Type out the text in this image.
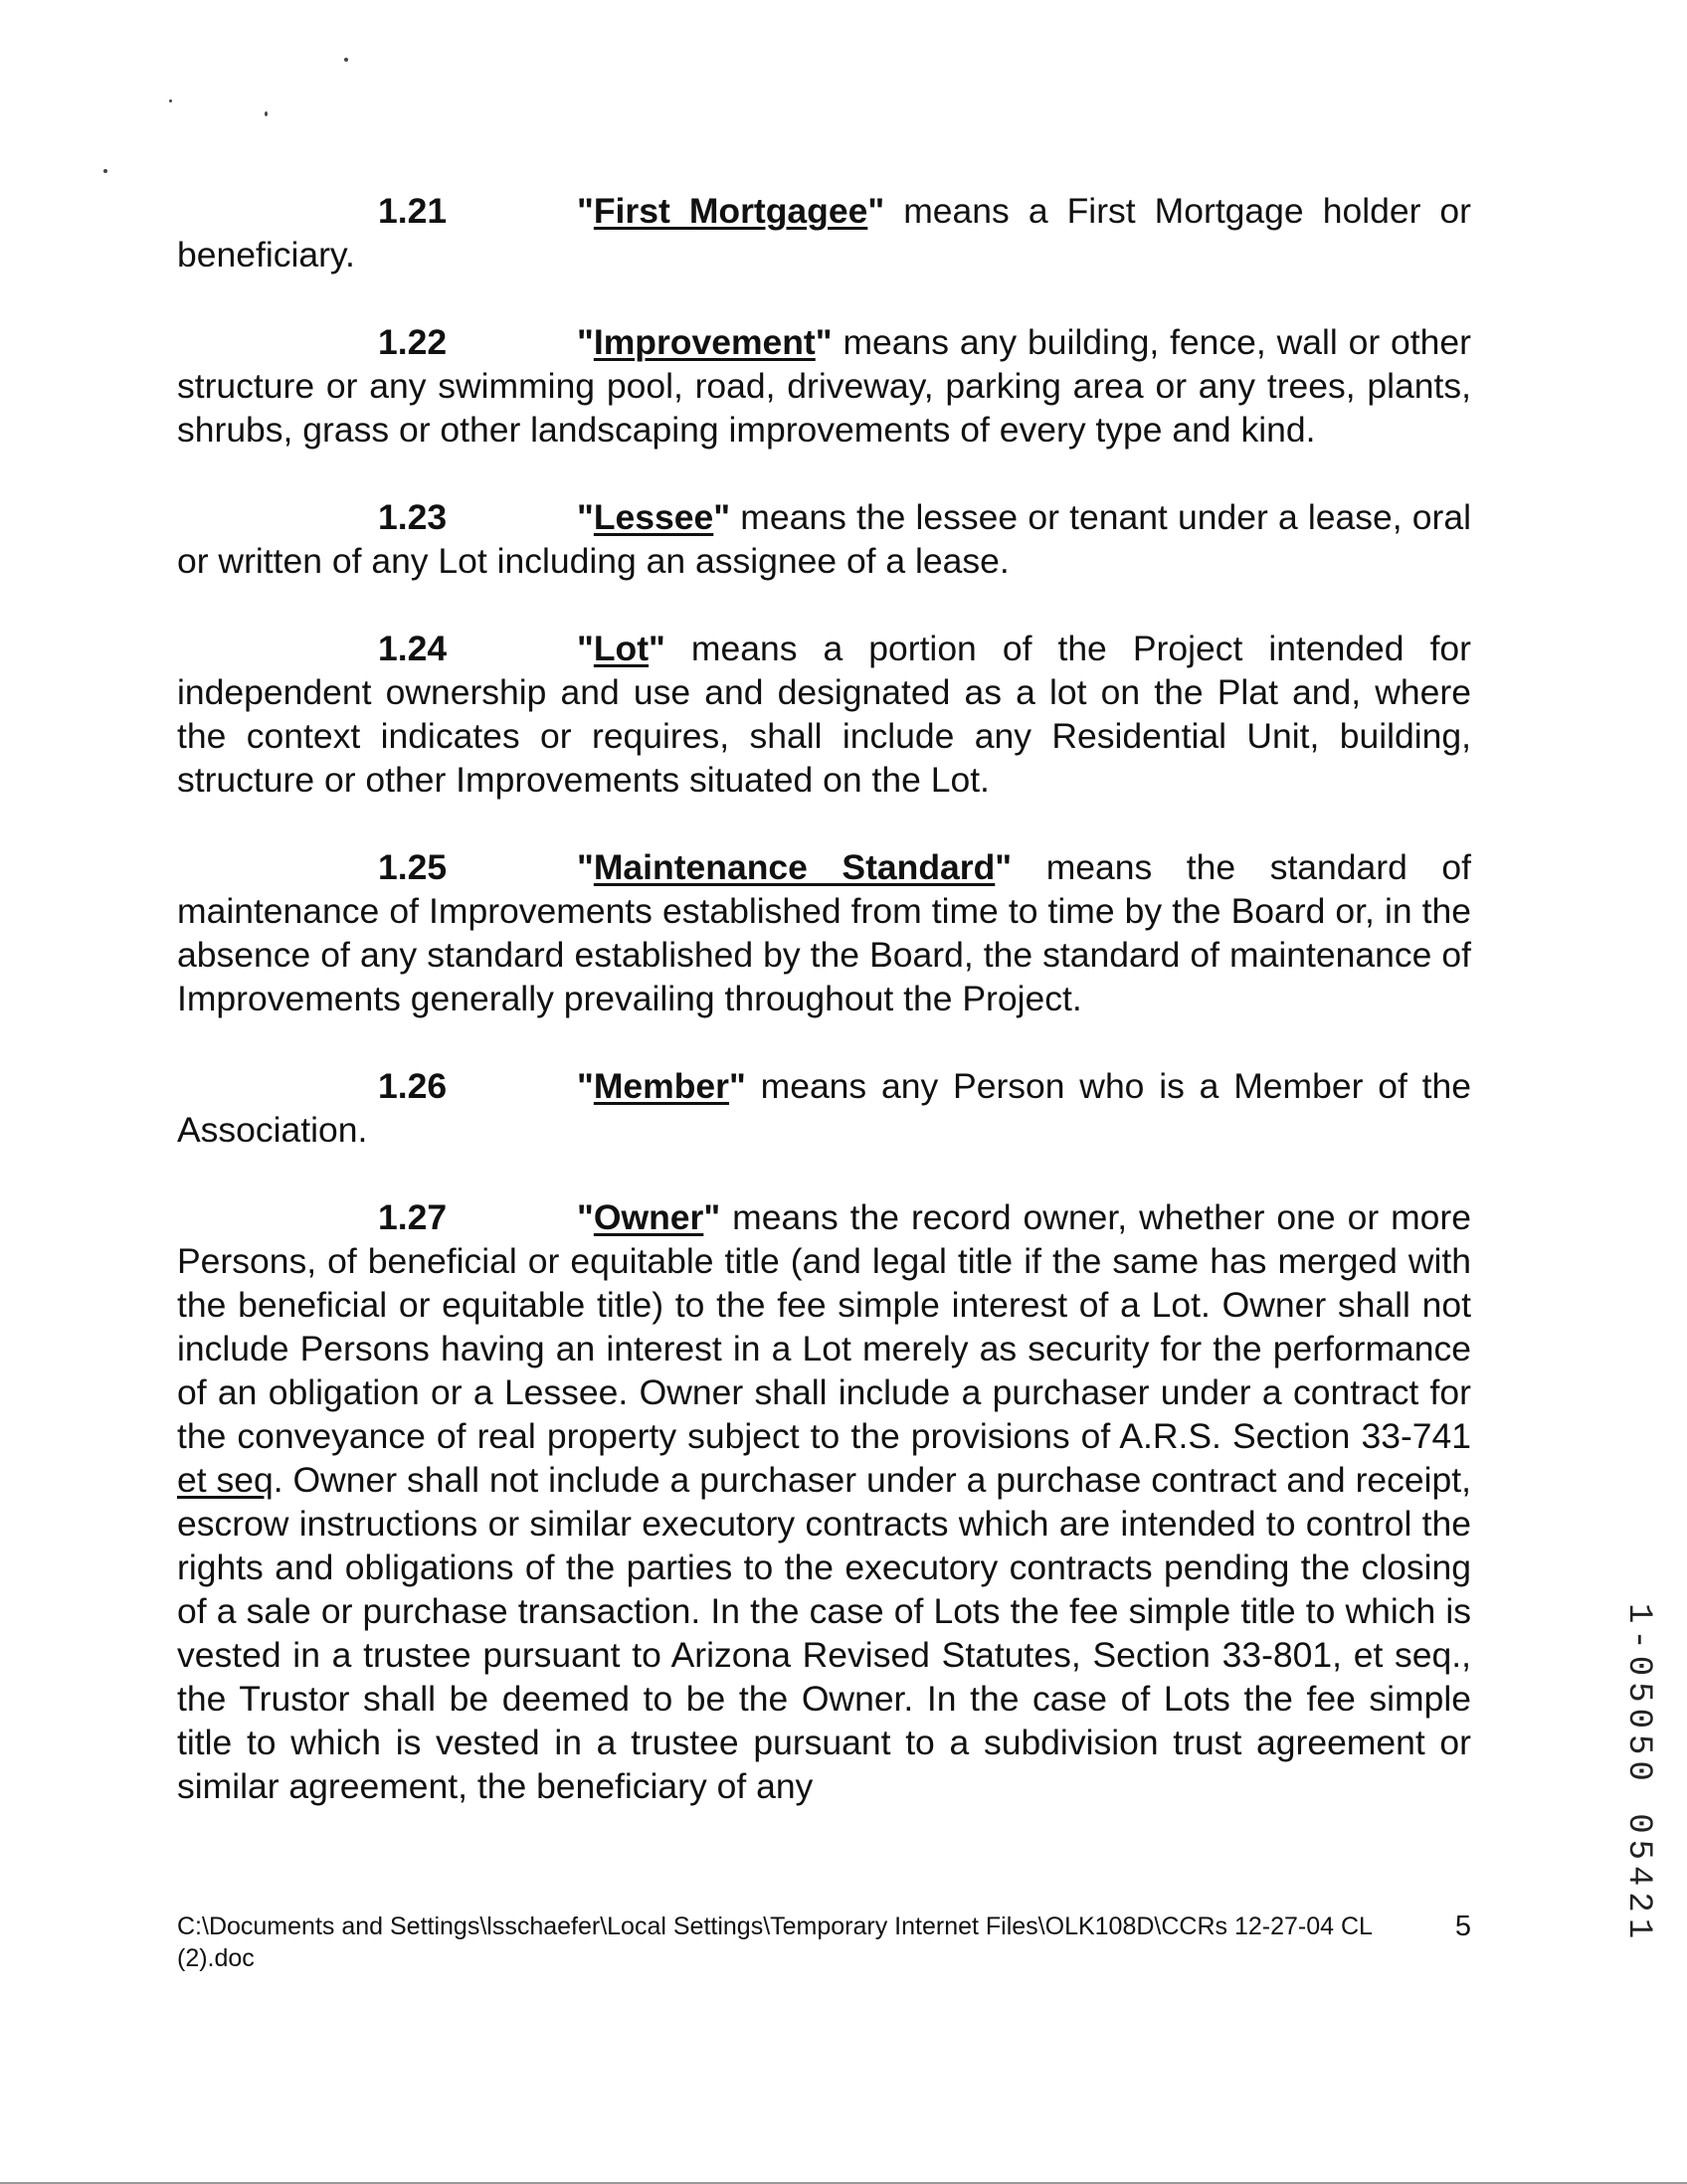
1.21	"First Mortgagee" means a First Mortgage holder or beneficiary.

1.22	"Improvement" means any building, fence, wall or other structure or any swimming pool, road, driveway, parking area or any trees, plants, shrubs, grass or other landscaping improvements of every type and kind.

1.23	"Lessee" means the lessee or tenant under a lease, oral or written of any Lot including an assignee of a lease.

1.24	"Lot" means a portion of the Project intended for independent ownership and use and designated as a lot on the Plat and, where the context indicates or requires, shall include any Residential Unit, building, structure or other Improvements situated on the Lot.

1.25	"Maintenance Standard" means the standard of maintenance of Improvements established from time to time by the Board or, in the absence of any standard established by the Board, the standard of maintenance of Improvements generally prevailing throughout the Project.

1.26	"Member" means any Person who is a Member of the Association.

1.27	"Owner" means the record owner, whether one or more Persons, of beneficial or equitable title (and legal title if the same has merged with the beneficial or equitable title) to the fee simple interest of a Lot. Owner shall not include Persons having an interest in a Lot merely as security for the performance of an obligation or a Lessee. Owner shall include a purchaser under a contract for the conveyance of real property subject to the provisions of A.R.S. Section 33-741 et seq. Owner shall not include a purchaser under a purchase contract and receipt, escrow instructions or similar executory contracts which are intended to control the rights and obligations of the parties to the executory contracts pending the closing of a sale or purchase transaction. In the case of Lots the fee simple title to which is vested in a trustee pursuant to Arizona Revised Statutes, Section 33-801, et seq., the Trustor shall be deemed to be the Owner. In the case of Lots the fee simple title to which is vested in a trustee pursuant to a subdivision trust agreement or similar agreement, the beneficiary of any

C:\Documents and Settings\lsschaefer\Local Settings\Temporary Internet Files\OLK108D\CCRs 12-27-04 CL (2).doc
5	1-05050 05421
